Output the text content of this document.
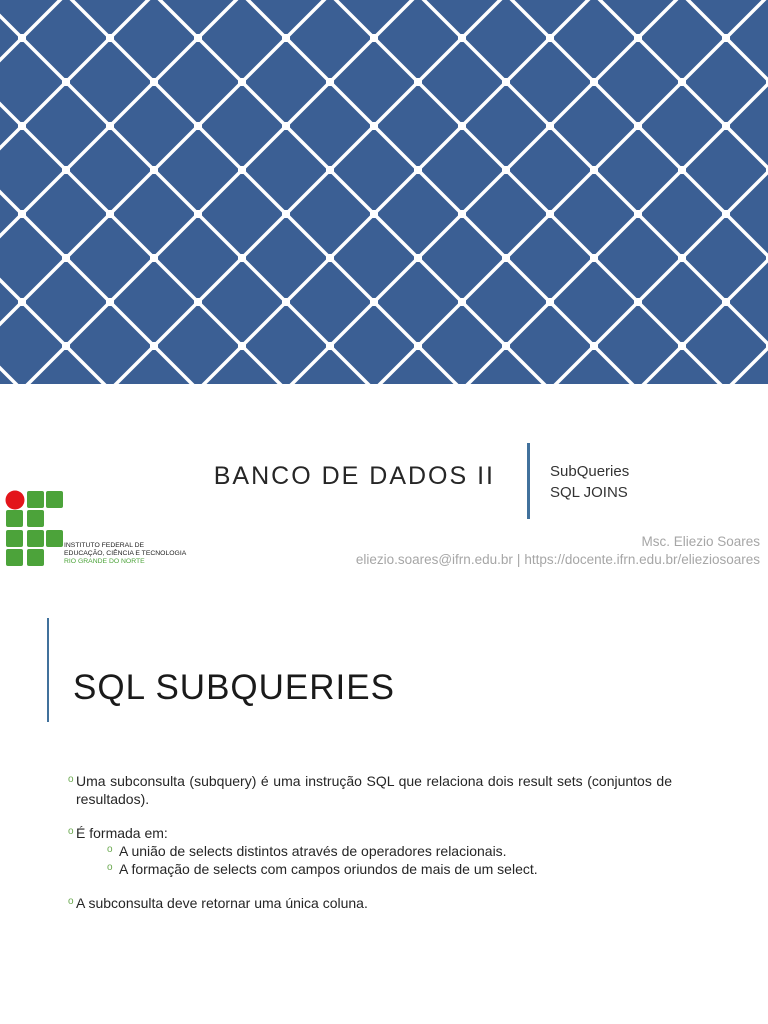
BANCO DE DADOS II	SubQueries
SQL JOINS
INSTITUTO FEDERAL DE
EDUCAÇÃO, CIÊNCIA E TECNOLOGIA
RIO GRANDE DO NORTE
Msc. Eliezio Soares
eliezio.soares@ifrn.edu.br | https://docente.ifrn.edu.br/elieziosoares
SQL SUBQUERIES
o Uma subconsulta (subquery) é uma instrução SQL que relaciona dois result sets (conjuntos de resultados).
o É formada em:
o A união de selects distintos através de operadores relacionais.
o A formação de selects com campos oriundos de mais de um select.
o A subconsulta deve retornar uma única coluna.
